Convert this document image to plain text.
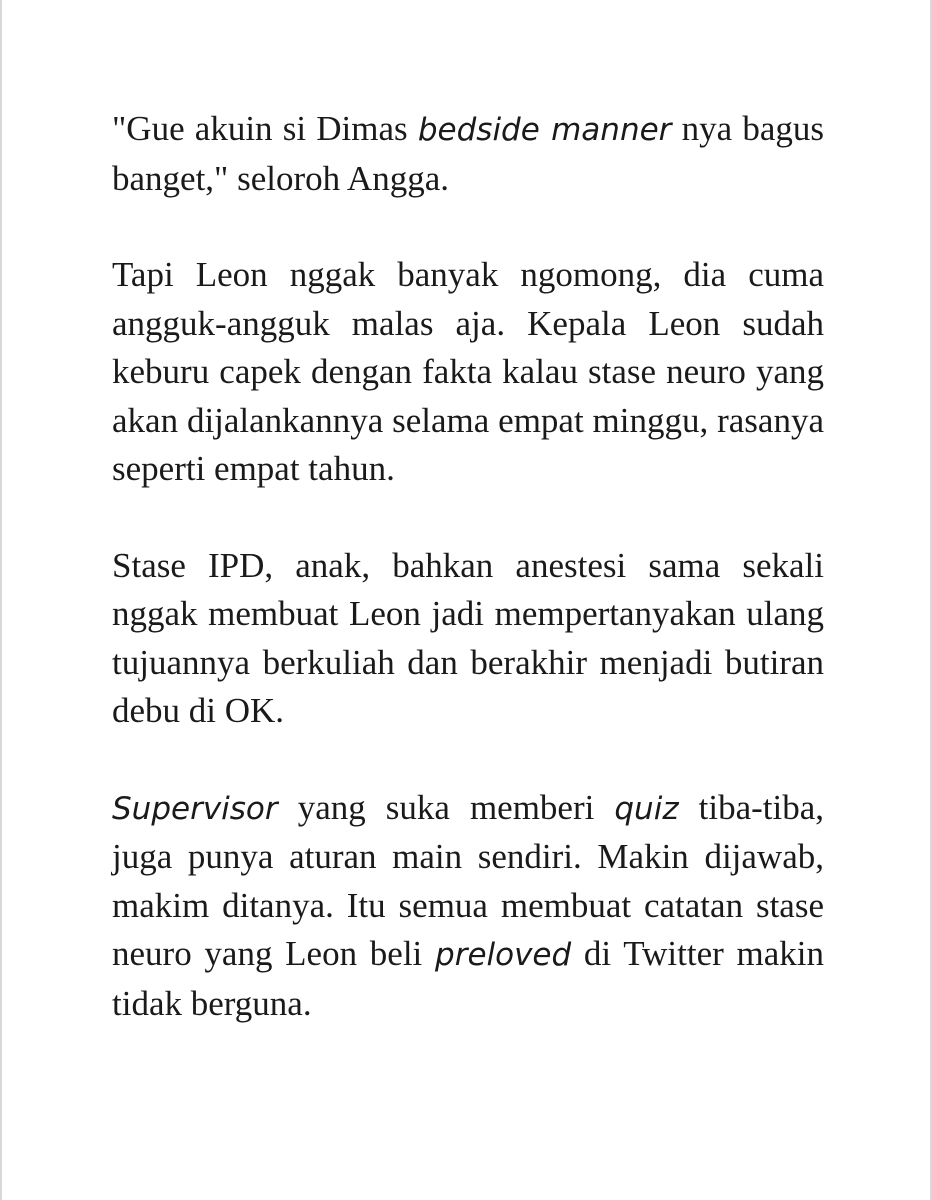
"Gue akuin si Dimas bedside manner nya bagus banget," seloroh Angga.

Tapi Leon nggak banyak ngomong, dia cuma angguk-angguk malas aja. Kepala Leon sudah keburu capek dengan fakta kalau stase neuro yang akan dijalankannya selama empat minggu, rasanya seperti empat tahun.

Stase IPD, anak, bahkan anestesi sama sekali nggak membuat Leon jadi mempertanyakan ulang tujuannya berkuliah dan berakhir menjadi butiran debu di OK.

Supervisor yang suka memberi quiz tiba-tiba, juga punya aturan main sendiri. Makin dijawab, makim ditanya. Itu semua membuat catatan stase neuro yang Leon beli preloved di Twitter makin tidak berguna.
